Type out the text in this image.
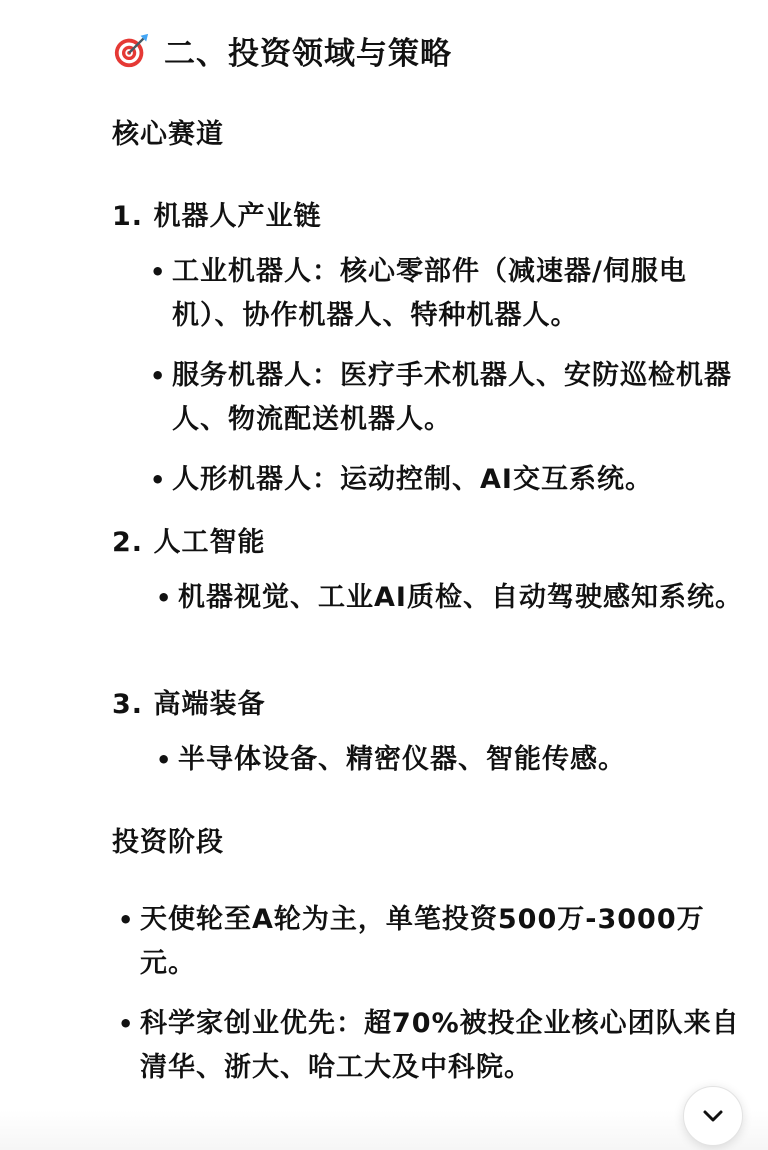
二、投资领域与策略
核心赛道
1. 机器人产业链
• 工业机器人：核心零部件（减速器/伺服电机）、协作机器人、特种机器人。
• 服务机器人：医疗手术机器人、安防巡检机器人、物流配送机器人。
• 人形机器人：运动控制、AI交互系统。
2. 人工智能
• 机器视觉、工业AI质检、自动驾驶感知系统。
3. 高端装备
• 半导体设备、精密仪器、智能传感。
投资阶段
• 天使轮至A轮为主，单笔投资500万-3000万元。
• 科学家创业优先：超70%被投企业核心团队来自清华、浙大、哈工大及中科院。
